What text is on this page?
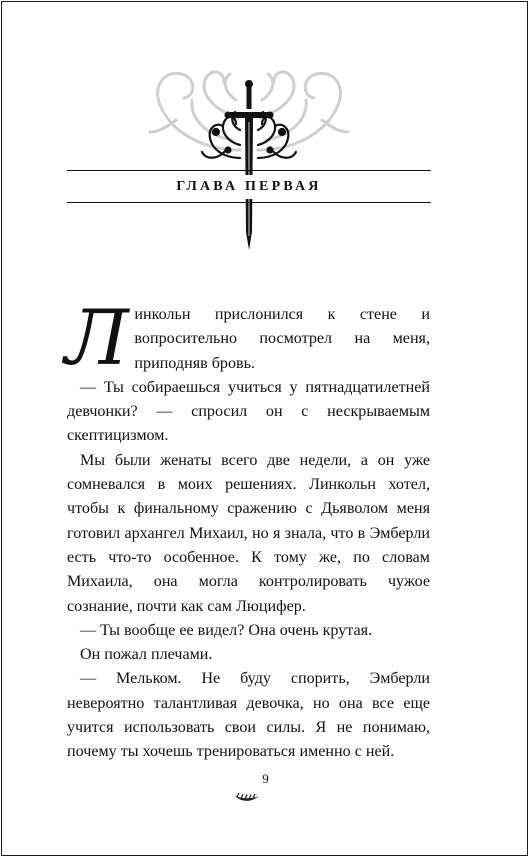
ГЛАВА ПЕРВАЯ

Линкольн прислонился к стене и вопросительно посмотрел на меня, приподняв бровь.

— Ты собираешься учиться у пятнадцатилетней девчонки? — спросил он с нескрываемым скептицизмом.

Мы были женаты всего две недели, а он уже сомневался в моих решениях. Линкольн хотел, чтобы к финальному сражению с Дьяволом меня готовил архангел Михаил, но я знала, что в Эмберли есть что-то особенное. К тому же, по словам Михаила, она могла контролировать чужое сознание, почти как сам Люцифер.

— Ты вообще ее видел? Она очень крутая.

Он пожал плечами.

— Мельком. Не буду спорить, Эмберли невероятно талантливая девочка, но она все еще учится использовать свои силы. Я не понимаю, почему ты хочешь тренироваться именно с ней.

9
